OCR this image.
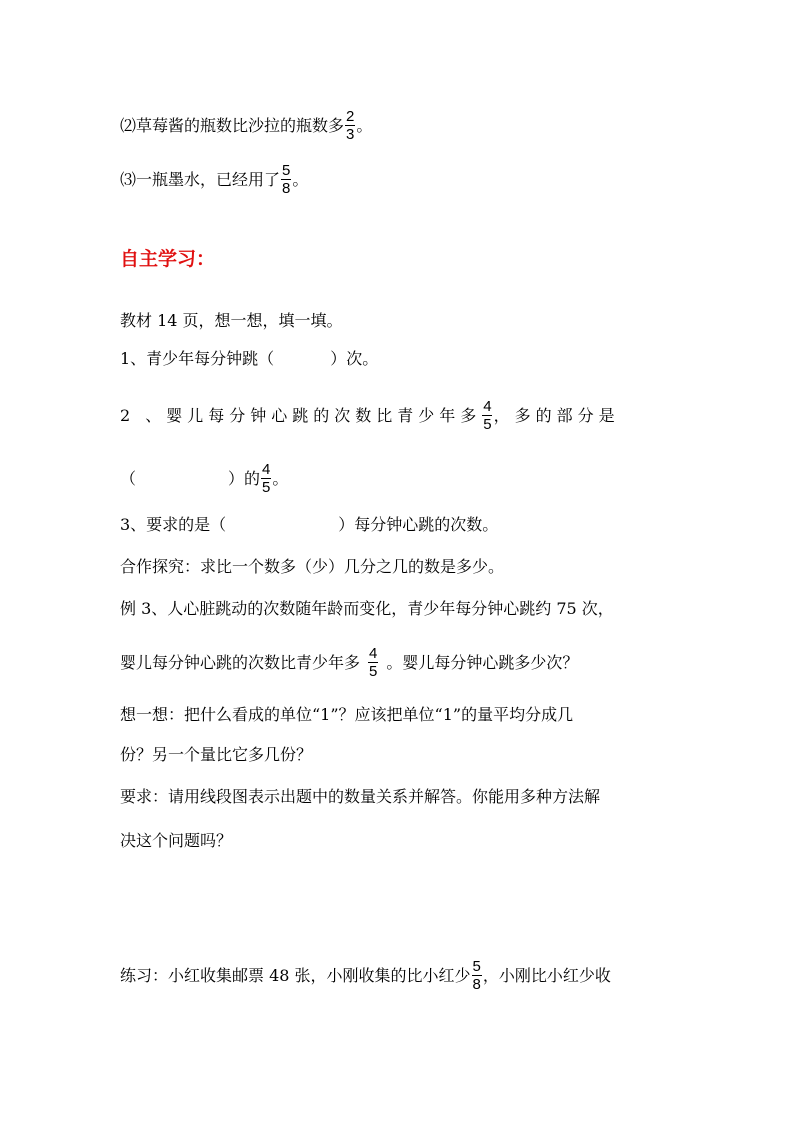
⑵草莓酱的瓶数比沙拉的瓶数多 $\frac{2}{3}$ 。
⑶一瓶墨水，已经用了 $\frac{5}{8}$ 。
自主学习：
教材 14 页，想一想，填一填。
1、青少年每分钟跳（	）次。
2 、婴儿每分钟心跳的次数比青少年多 $\frac{4}{5}$ ，多的部分是
（	）的 $\frac{4}{5}$ 。
3、要求的是（	）每分钟心跳的次数。
合作探究：求比一个数多（少）几分之几的数是多少。
例 3、人心脏跳动的次数随年龄而变化，青少年每分钟心跳约 75 次，
婴儿每分钟心跳的次数比青少年多 $\frac{4}{5}$ 。婴儿每分钟心跳多少次？
想一想：把什么看成的单位“1”？应该把单位“1”的量平均分成几
份？另一个量比它多几份？
要求：请用线段图表示出题中的数量关系并解答。你能用多种方法解
决这个问题吗？
练习：小红收集邮票 48 张，小刚收集的比小红少 $\frac{5}{8}$ ，小刚比小红少收
